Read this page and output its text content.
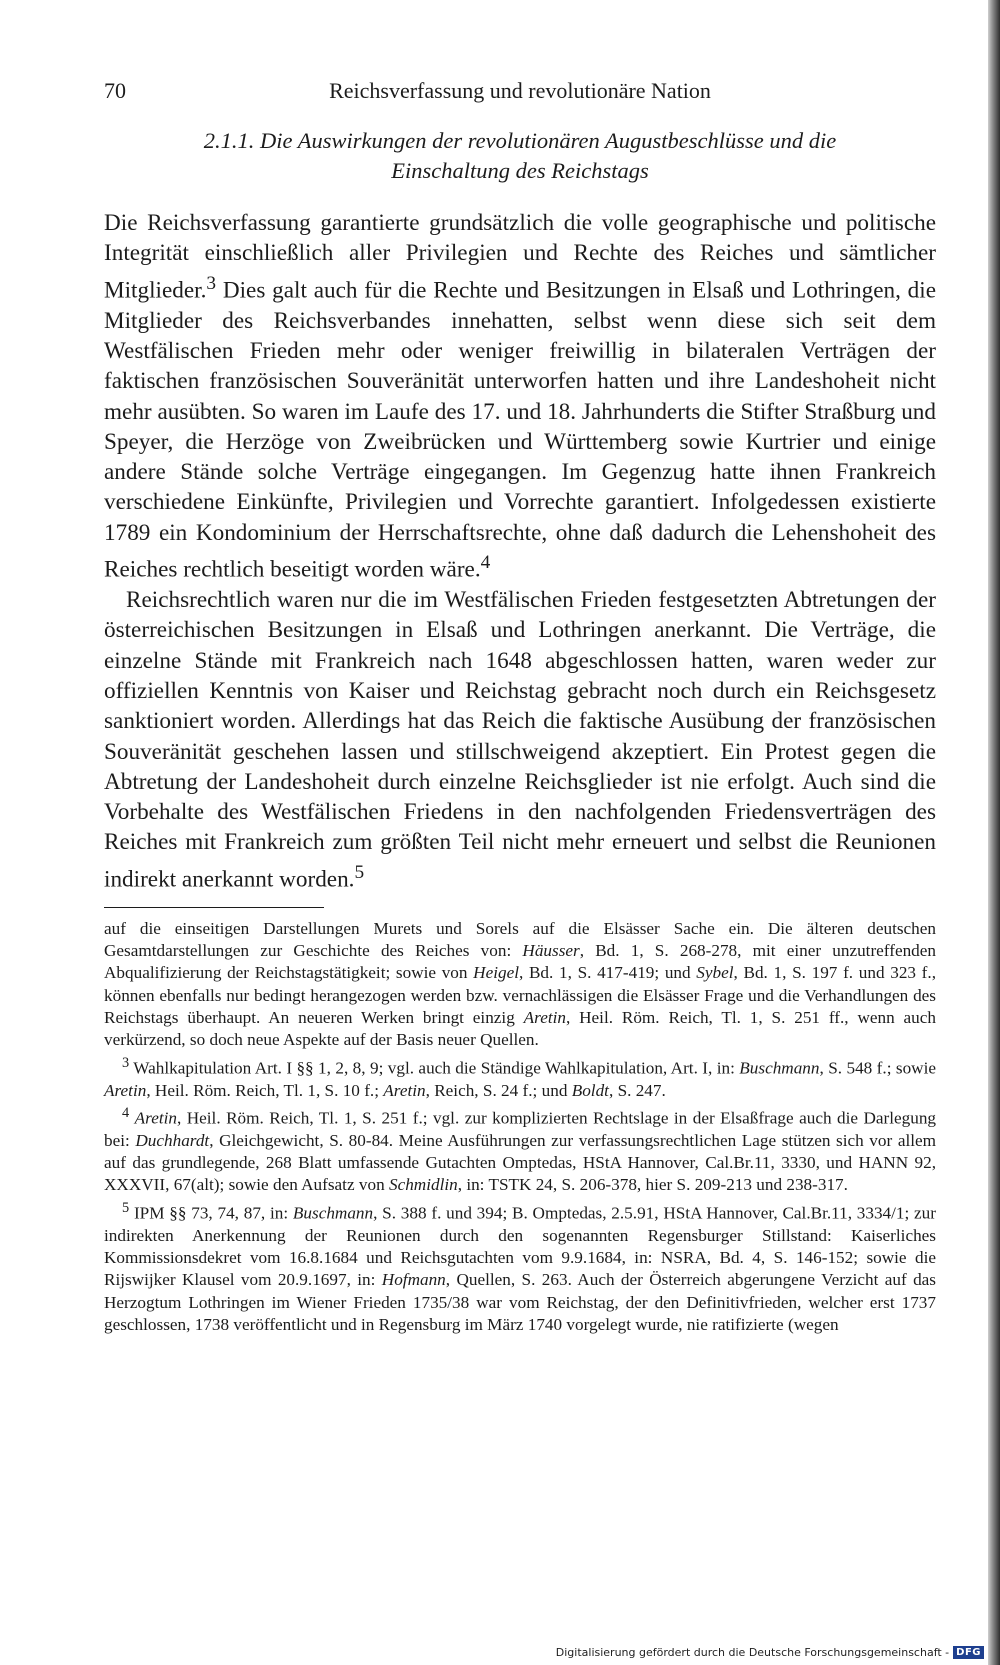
70	Reichsverfassung und revolutionäre Nation
2.1.1. Die Auswirkungen der revolutionären Augustbeschlüsse und die
Einschaltung des Reichstags

Die Reichsverfassung garantierte grundsätzlich die volle geographische und politische Integrität einschließlich aller Privilegien und Rechte des Reiches und sämtlicher Mitglieder.$^3$ Dies galt auch für die Rechte und Besitzungen in Elsaß und Lothringen, die Mitglieder des Reichsverbandes innehatten, selbst wenn diese sich seit dem Westfälischen Frieden mehr oder weniger freiwillig in bilateralen Verträgen der faktischen französischen Souveränität unterworfen hatten und ihre Landeshoheit nicht mehr ausübten. So waren im Laufe des 17. und 18. Jahrhunderts die Stifter Straßburg und Speyer, die Herzöge von Zweibrücken und Württemberg sowie Kurtrier und einige andere Stände solche Verträge eingegangen. Im Gegenzug hatte ihnen Frankreich verschiedene Einkünfte, Privilegien und Vorrechte garantiert. Infolgedessen existierte 1789 ein Kondominium der Herrschaftsrechte, ohne daß dadurch die Lehenshoheit des Reiches rechtlich beseitigt worden wäre.$^4$

Reichsrechtlich waren nur die im Westfälischen Frieden festgesetzten Abtretungen der österreichischen Besitzungen in Elsaß und Lothringen anerkannt. Die Verträge, die einzelne Stände mit Frankreich nach 1648 abgeschlossen hatten, waren weder zur offiziellen Kenntnis von Kaiser und Reichstag gebracht noch durch ein Reichsgesetz sanktioniert worden. Allerdings hat das Reich die faktische Ausübung der französischen Souveränität geschehen lassen und stillschweigend akzeptiert. Ein Protest gegen die Abtretung der Landeshoheit durch einzelne Reichsglieder ist nie erfolgt. Auch sind die Vorbehalte des Westfälischen Friedens in den nachfolgenden Friedensverträgen des Reiches mit Frankreich zum größten Teil nicht mehr erneuert und selbst die Reunionen indirekt anerkannt worden.$^5$

auf die einseitigen Darstellungen Murets und Sorels auf die Elsässer Sache ein. Die älteren deutschen Gesamtdarstellungen zur Geschichte des Reiches von: Häusser, Bd. 1, S. 268-278, mit einer unzutreffenden Abqualifizierung der Reichstagstätigkeit; sowie von Heigel, Bd. 1, S. 417-419; und Sybel, Bd. 1, S. 197 f. und 323 f., können ebenfalls nur bedingt herangezogen werden bzw. vernachlässigen die Elsässer Frage und die Verhandlungen des Reichstags überhaupt. An neueren Werken bringt einzig Aretin, Heil. Röm. Reich, Tl. 1, S. 251 ff., wenn auch verkürzend, so doch neue Aspekte auf der Basis neuer Quellen.

$^3$ Wahlkapitulation Art. I §§ 1, 2, 8, 9; vgl. auch die Ständige Wahlkapitulation, Art. I, in: Buschmann, S. 548 f.; sowie Aretin, Heil. Röm. Reich, Tl. 1, S. 10 f.; Aretin, Reich, S. 24 f.; und Boldt, S. 247.

$^4$ Aretin, Heil. Röm. Reich, Tl. 1, S. 251 f.; vgl. zur komplizierten Rechtslage in der Elsaßfrage auch die Darlegung bei: Duchhardt, Gleichgewicht, S. 80-84. Meine Ausführungen zur verfassungsrechtlichen Lage stützen sich vor allem auf das grundlegende, 268 Blatt umfassende Gutachten Omptedas, HStA Hannover, Cal.Br.11, 3330, und HANN 92, XXXVII, 67(alt); sowie den Aufsatz von Schmidlin, in: TSTK 24, S. 206-378, hier S. 209-213 und 238-317.

$^5$ IPM §§ 73, 74, 87, in: Buschmann, S. 388 f. und 394; B. Omptedas, 2.5.91, HStA Hannover, Cal.Br.11, 3334/1; zur indirekten Anerkennung der Reunionen durch den sogenannten Regensburger Stillstand: Kaiserliches Kommissionsdekret vom 16.8.1684 und Reichsgutachten vom 9.9.1684, in: NSRA, Bd. 4, S. 146-152; sowie die Rijswijker Klausel vom 20.9.1697, in: Hofmann, Quellen, S. 263. Auch der Österreich abgerungene Verzicht auf das Herzogtum Lothringen im Wiener Frieden 1735/38 war vom Reichstag, der den Definitivfrieden, welcher erst 1737 geschlossen, 1738 veröffentlicht und in Regensburg im März 1740 vorgelegt wurde, nie ratifizierte (wegen

Digitalisierung gefördert durch die Deutsche Forschungsgemeinschaft - DFG
